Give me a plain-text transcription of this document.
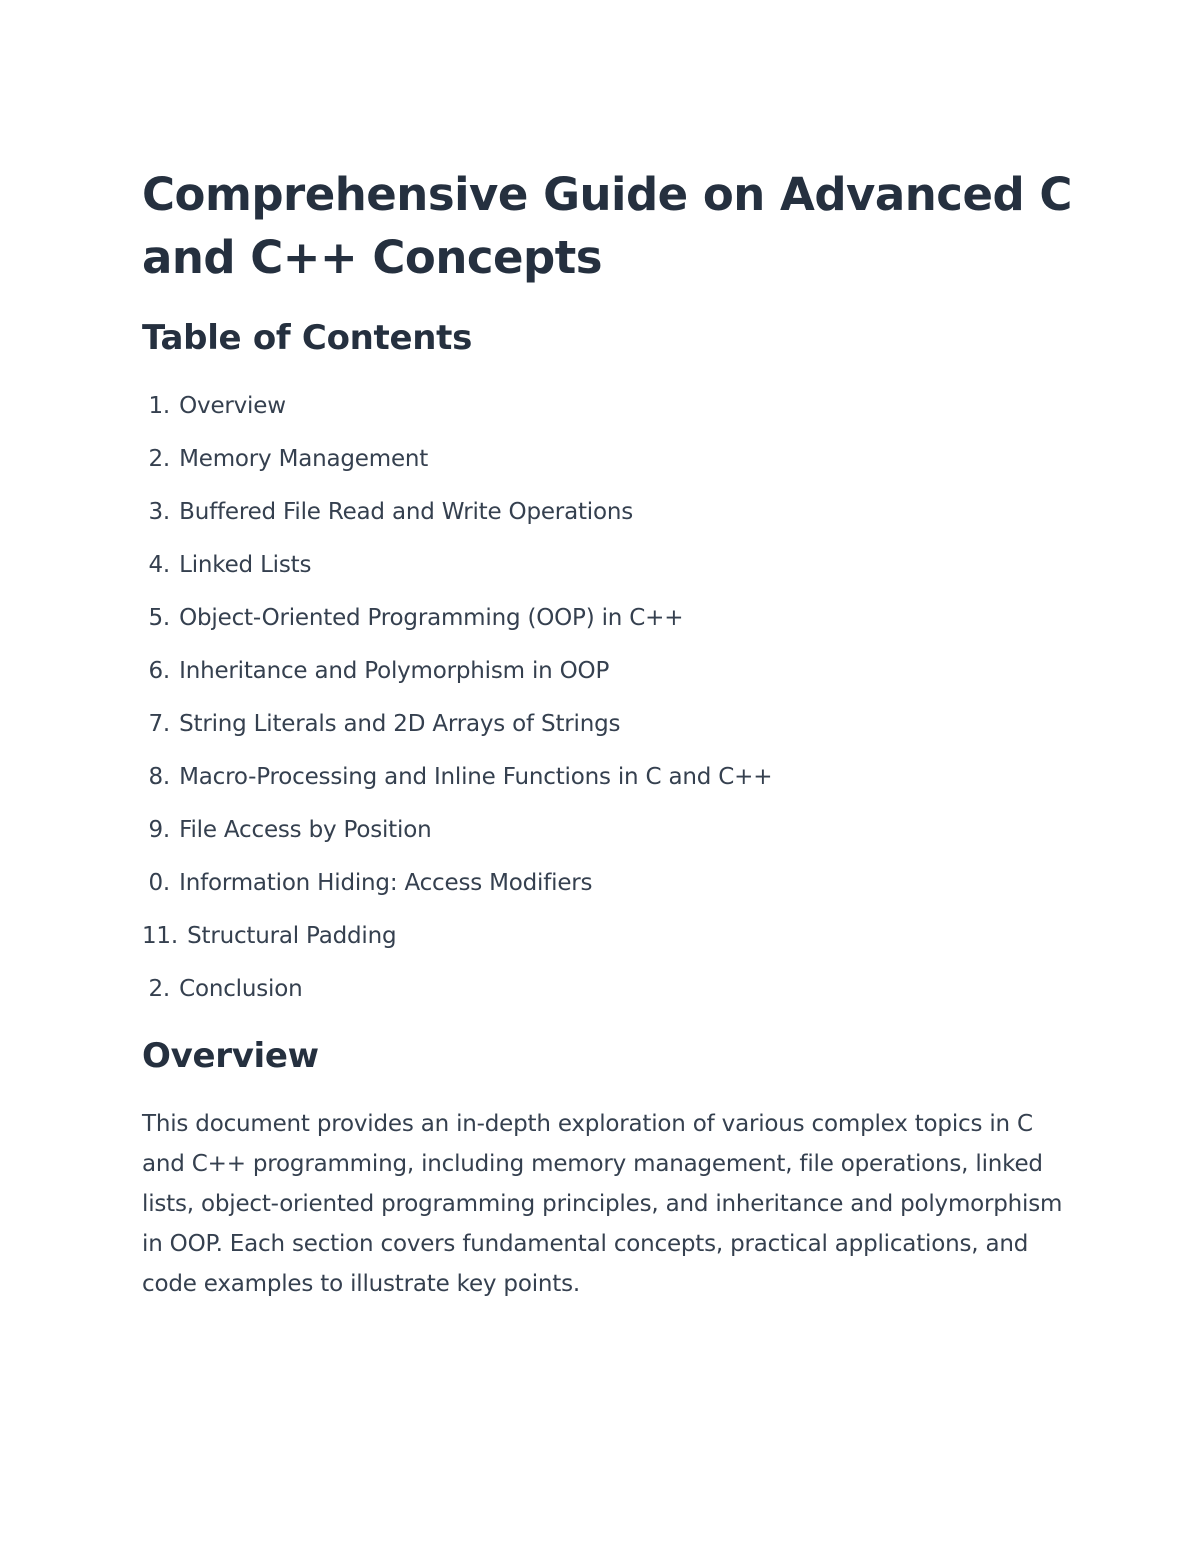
Comprehensive Guide on Advanced C and C++ Concepts
Table of Contents
1. Overview
2. Memory Management
3. Buffered File Read and Write Operations
4. Linked Lists
5. Object-Oriented Programming (OOP) in C++
6. Inheritance and Polymorphism in OOP
7. String Literals and 2D Arrays of Strings
8. Macro-Processing and Inline Functions in C and C++
9. File Access by Position
0. Information Hiding: Access Modifiers
11. Structural Padding
2. Conclusion
Overview

This document provides an in-depth exploration of various complex topics in C and C++ programming, including memory management, file operations, linked lists, object-oriented programming principles, and inheritance and polymorphism in OOP. Each section covers fundamental concepts, practical applications, and code examples to illustrate key points.
